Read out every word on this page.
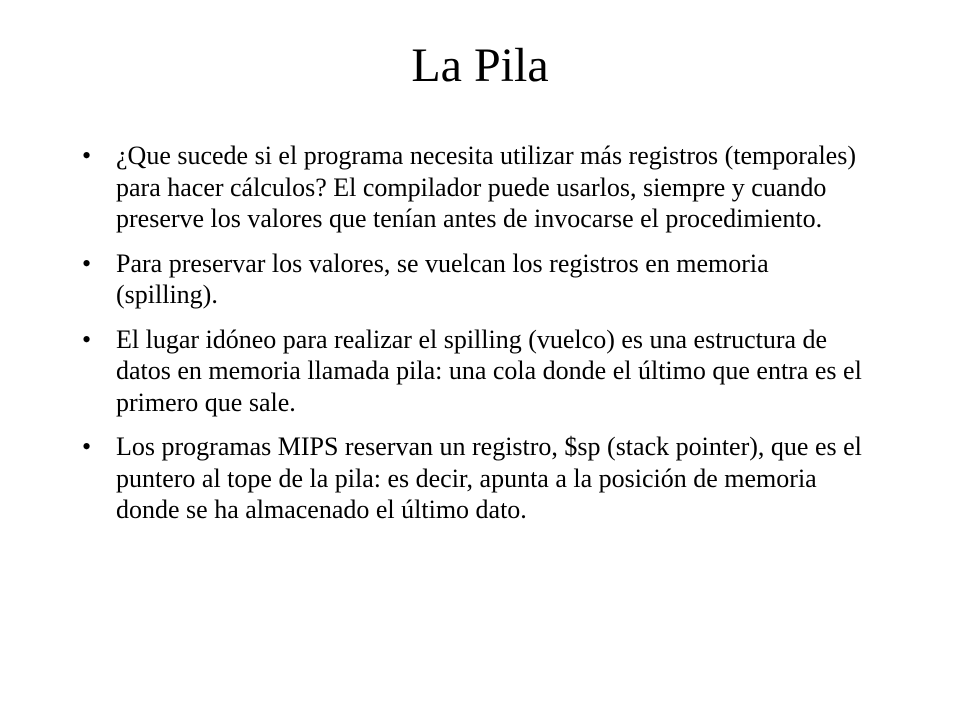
La Pila
• ¿Que sucede si el programa necesita utilizar más registros (temporales) para hacer cálculos? El compilador puede usarlos, siempre y cuando preserve los valores que tenían antes de invocarse el procedimiento.
• Para preservar los valores, se vuelcan los registros en memoria (spilling).
• El lugar idóneo para realizar el spilling (vuelco) es una estructura de datos en memoria llamada pila: una cola donde el último que entra es el primero que sale.
• Los programas MIPS reservan un registro, $sp (stack pointer), que es el puntero al tope de la pila: es decir, apunta a la posición de memoria donde se ha almacenado el último dato.
